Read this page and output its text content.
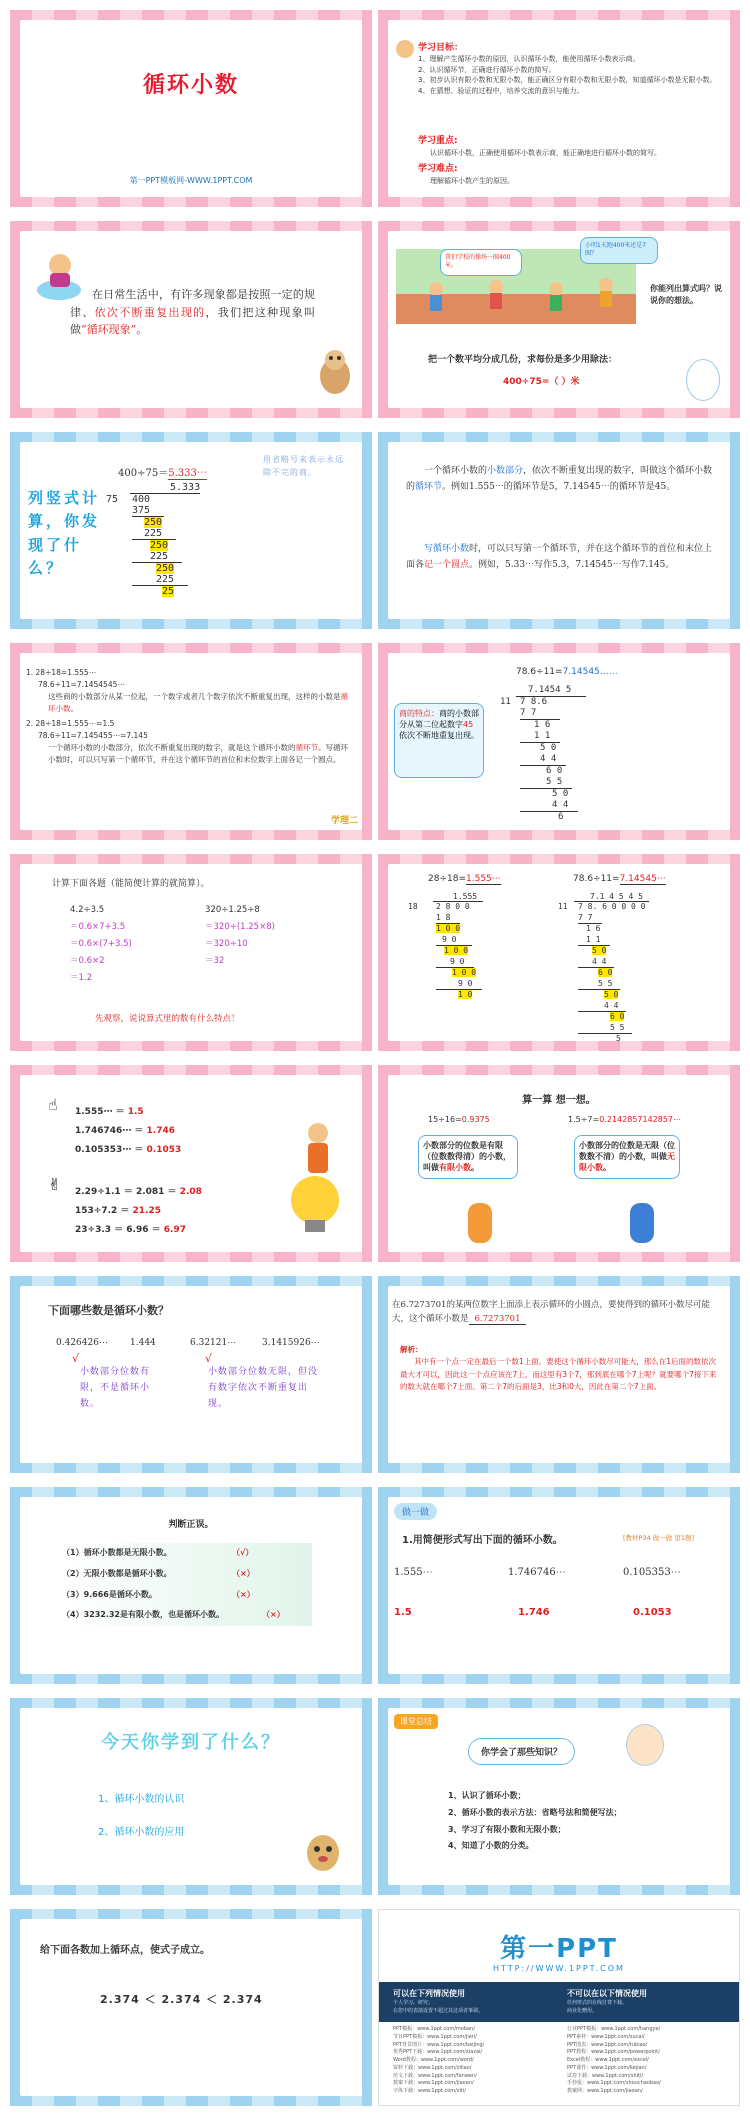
循环小数
第一PPT模板网-WWW.1PPT.COM
学习目标：
1、理解产生循环小数的原因，认识循环小数，能使用循环小数表示商。
2、认识循环节，正确进行循环小数的简写。
3、初步认识有限小数和无限小数，能正确区分有限小数和无限小数，知道循环小数是无限小数。
4、在猜想、验证的过程中，培养交流的意识与能力。
学习重点:
认识循环小数，正确使用循环小数表示商，能正确地进行循环小数的简写。
学习难点:
理解循环小数产生的原因。
在日常生活中，有许多现象都是按照一定的规律、依次不断重复出现的，我们把这种现象叫做“循环现象”。
我们学校的操场一圈400米。
小明1天跑400米还是7圈？
你能列出算式吗？说说你的想法。
把一个数平均分成几份，求每份是多少用除法：
400÷75=（ ）米
列竖式计算，你发现了什么？
400÷75＝5.333⋯
用省略号来表示永远除不完的商。
5.333
75 400
375
250
225
250
225
250
225
25
一个循环小数的小数部分，依次不断重复出现的数字，叫做这个循环小数的循环节。例如1.555⋯的循环节是5，7.14545⋯的循环节是45。
写循环小数时，可以只写第一个循环节，并在这个循环节的首位和末位上面各记一个圆点。例如，5.33⋯写作5.3，7.14545⋯写作7.145。
1. 28÷18=1.555⋯
78.6÷11=7.1454545⋯
这些商的小数部分从某一位起，一个数字或者几个数字依次不断重复出现，这样的小数是循环小数。
2. 28÷18=1.555⋯=1.5
78.6÷11=7.145455⋯=7.145
一个循环小数的小数部分，依次不断重复出现的数字，就是这个循环小数的循环节。写循环小数时，可以只写第一个循环节，并在这个循环节的首位和末位数字上面各记一个圆点。
学理二
78.6÷11=7.14545……
商的特点：商的小数部分从第二位起数字45依次不断地重复出现。
7.1454 5
11 7 8.6
7 7
1 6
1 1
5 0
4 4
6 0
5 5
5 0
4 4
6
计算下面各题（能简便计算的就简算）。
4.2÷3.5
＝0.6×7+3.5
＝0.6×(7+3.5)
＝0.6×2
＝1.2
320÷1.25÷8
＝320÷(1.25×8)
＝320÷10
＝32
先观察，说说算式里的数有什么特点！
28÷18=1.555⋯	78.6÷11=7.14545⋯
1.555
18 2 8 0 0
1 8
1 0 0
9 0
1 0 0
9 0
1 0 0
9 0
1 0
7.1 4 5 4 5
11 7 8. 6 0 0 0 0
7 7
1 6
1 1
5 0
4 4
6 0
5 5
5 0
4 4
6 0
5 5
5
☝
✌
1.555⋯ ＝ 1.5
1.746746⋯ ＝ 1.746
0.105353⋯ ＝ 0.1053
2.29÷1.1 ＝ 2.081 ＝ 2.08
153÷7.2 ＝ 21.25
23÷3.3 ＝ 6.96 ＝ 6.97
算一算 想一想。
15÷16=0.9375	1.5÷7=0.2142857142857⋯
小数部分的位数是有限（位数数得清）的小数，叫做有限小数。
小数部分的位数是无限（位数数不清）的小数，叫做无限小数。
下面哪些数是循环小数？
0.426426⋯ 1.444	6.32121⋯	3.1415926⋯
√	√
小数部分位数有限，不是循环小数。
小数部分位数无限，但没有数字依次不断重复出现。
在6.7273701的某两位数字上面添上表示循环的小圆点，要使得到的循环小数尽可能大，这个循环小数是 6.7273701
解析：
其中有一个点一定在最后一个数1上面。要使这个循环小数尽可能大，那么在1后面的数依次最大才可以，因此这一个点应该在7上，而这里有3个7，那到底在哪个7上呢？就要哪个7接下来的数大就在哪个7上面。第二个7的后面是3，比3和0大，因此在第二个7上面。
判断正误。
（1）循环小数都是无限小数。	（√）
（2）无限小数都是循环小数。	（×）
（3）9.666是循环小数。	（×）
（4）3232.32是有限小数，也是循环小数。	（×）
做一做
1.用简便形式写出下面的循环小数。	[教材P34 做一做 第1题]
1.555⋯	1.746746⋯	0.105353⋯
1.5	1.746	0.1053
今天你学到了什么？
1、循环小数的认识
2、循环小数的应用
课堂总结
你学会了那些知识？
1、认识了循环小数；
2、循环小数的表示方法：省略号法和简便写法；
3、学习了有限小数和无限小数；
4、知道了小数的分类。
给下面各数加上循环点，使式子成立。
2.374 ＜ 2.374 ＜ 2.374
第一PPT
HTTP://WWW.1PPT.COM
可以在下列情况使用
个人学习、研究；
在您中的表演设置不超过其这项者事调。
不可以在以下情况使用
任何形式的在线付费下载。
商业化赠用。
PPT模板：www.1ppt.com/moban/
节日PPT模板：www.1ppt.com/jieri/
PPT背景图片：www.1ppt.com/beijing/
优秀PPT下载：www.1ppt.com/xiazai/
Word教程：www.1ppt.com/word/
资料下载：www.1ppt.com/ziliao/
范文下载：www.1ppt.com/fanwen/
教案下载：www.1ppt.com/jiaoan/
字体下载：www.1ppt.com/ziti/
行业PPT模板：www.1ppt.com/hangye/
PPT素材：www.1ppt.com/sucai/
PPT图表：www.1ppt.com/tubiao/
PPT教程：www.1ppt.com/powerpoint/
Excel教程：www.1ppt.com/excel/
PPT课件：www.1ppt.com/kejian/
试卷下载：www.1ppt.com/shiti/
手抄报：www.1ppt.com/shouchaobao/
教案网：www.1ppt.com/jiaoan/
